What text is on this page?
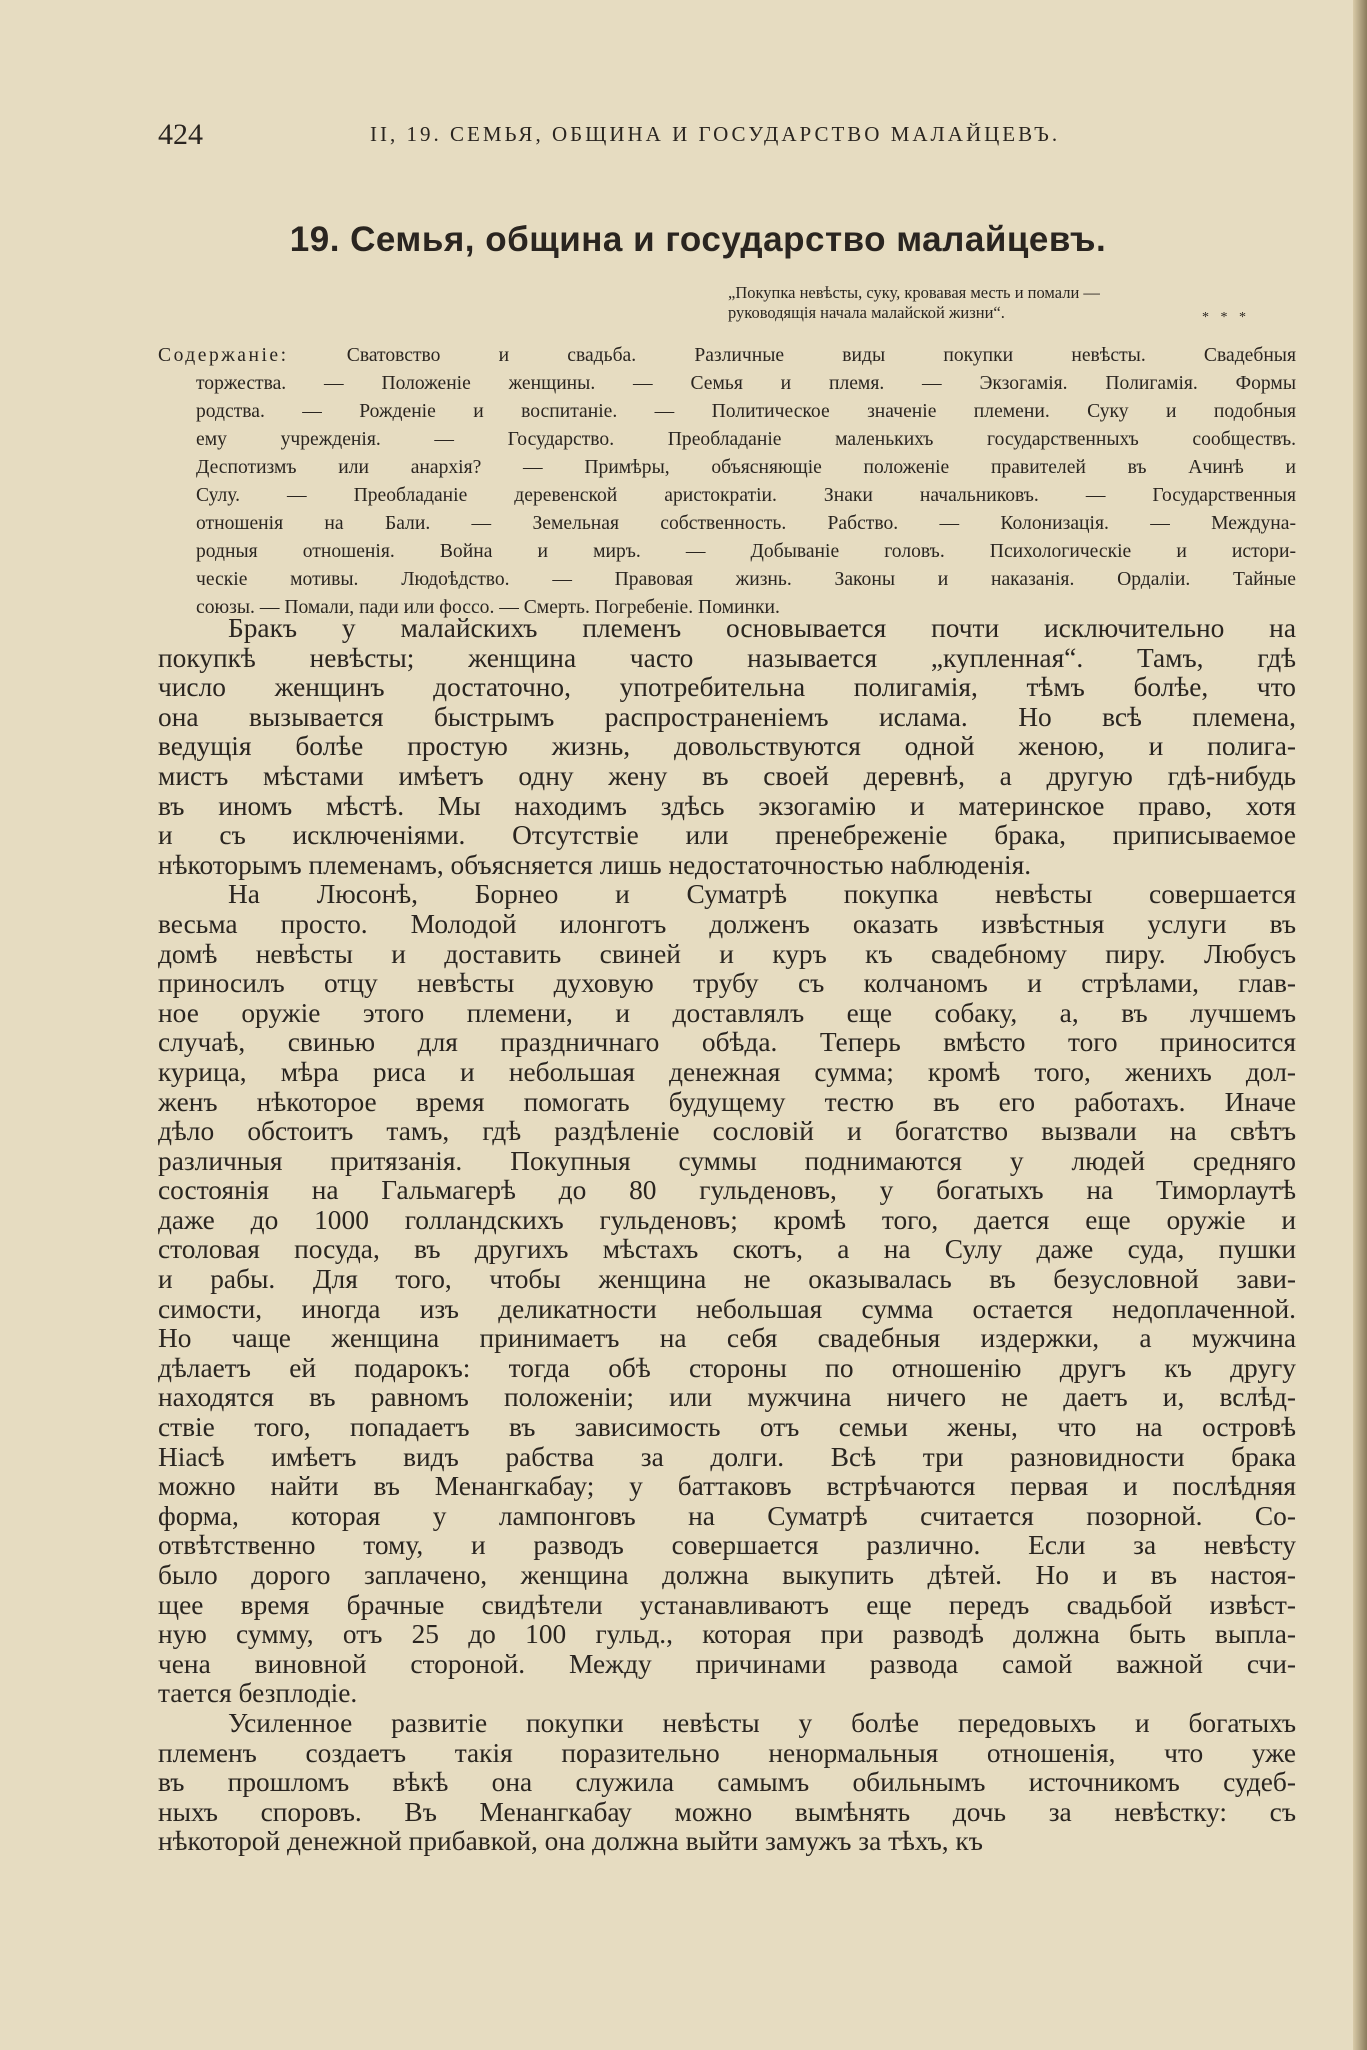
424	II, 19. СЕМЬЯ, ОБЩИНА И ГОСУДАРСТВО МАЛАЙЦЕВЪ.
19. Семья, община и государство малайцевъ.
„Покупка невѣсты, суку, кровавая месть и помали —
руководящія начала малайской жизни“.	* * *
Содержаніе:	Сватовство и свадьба. Различные виды покупки невѣсты. Свадебныя
торжества. — Положеніе женщины. — Семья и племя. — Экзогамія. Полигамія. Формы
родства. — Рожденіе и воспитаніе. — Политическое значеніе племени. Суку и подобныя
ему учрежденія. — Государство. Преобладаніе маленькихъ государственныхъ сообществъ.
Деспотизмъ или анархія? — Примѣры, объясняющіе положеніе правителей въ Ачинѣ и
Сулу. — Преобладаніе деревенской аристократіи. Знаки начальниковъ. — Государственныя
отношенія на Бали. — Земельная собственность. Рабство. — Колонизація. — Междуна-
родныя отношенія. Война и миръ. — Добываніе головъ. Психологическіе и истори-
ческіе мотивы. Людоѣдство. — Правовая жизнь. Законы и наказанія. Ордаліи. Тайные
союзы. — Помали, пади или фоссо. — Смерть. Погребеніе. Поминки.
Бракъ у малайскихъ племенъ основывается почти исключительно на
покупкѣ невѣсты; женщина часто называется „купленная“. Тамъ, гдѣ
число женщинъ достаточно, употребительна полигамія, тѣмъ болѣе, что
она вызывается быстрымъ распространеніемъ ислама. Но всѣ племена,
ведущія болѣе простую жизнь, довольствуются одной женою, и полига-
мистъ мѣстами имѣетъ одну жену въ своей деревнѣ, а другую гдѣ-нибудь
въ иномъ мѣстѣ. Мы находимъ здѣсь экзогамію и материнское право, хотя
и съ исключеніями. Отсутствіе или пренебреженіе брака, приписываемое
нѣкоторымъ племенамъ, объясняется лишь недостаточностью наблюденія.
На Люсонѣ, Борнео и Суматрѣ покупка невѣсты совершается
весьма просто. Молодой илонготъ долженъ оказать извѣстныя услуги въ
домѣ невѣсты и доставить свиней и куръ къ свадебному пиру. Любусъ
приносилъ отцу невѣсты духовую трубу съ колчаномъ и стрѣлами, глав-
ное оружіе этого племени, и доставлялъ еще собаку, а, въ лучшемъ
случаѣ, свинью для праздничнаго обѣда. Теперь вмѣсто того приносится
курица, мѣра риса и небольшая денежная сумма; кромѣ того, женихъ дол-
женъ нѣкоторое время помогать будущему тестю въ его работахъ. Иначе
дѣло обстоитъ тамъ, гдѣ раздѣленіе сословій и богатство вызвали на свѣтъ
различныя притязанія. Покупныя суммы поднимаются у людей средняго
состоянія на Гальмагерѣ до 80 гульденовъ, у богатыхъ на Тиморлаутѣ
даже до 1000 голландскихъ гульденовъ; кромѣ того, дается еще оружіе и
столовая посуда, въ другихъ мѣстахъ скотъ, а на Сулу даже суда, пушки
и рабы. Для того, чтобы женщина не оказывалась въ безусловной зави-
симости, иногда изъ деликатности небольшая сумма остается недоплаченной.
Но чаще женщина принимаетъ на себя свадебныя издержки, а мужчина
дѣлаетъ ей подарокъ: тогда обѣ стороны по отношенію другъ къ другу
находятся въ равномъ положеніи; или мужчина ничего не даетъ и, вслѣд-
ствіе того, попадаетъ въ зависимость отъ семьи жены, что на островѣ
Ніасѣ имѣетъ видъ рабства за долги. Всѣ три разновидности брака
можно найти въ Менангкабау; у баттаковъ встрѣчаются первая и послѣдняя
форма, которая у лампонговъ на Суматрѣ считается позорной. Со-
отвѣтственно тому, и разводъ совершается различно. Если за невѣсту
было дорого заплачено, женщина должна выкупить дѣтей. Но и въ настоя-
щее время брачные свидѣтели устанавливаютъ еще передъ свадьбой извѣст-
ную сумму, отъ 25 до 100 гульд., которая при разводѣ должна быть выпла-
чена виновной стороной. Между причинами развода самой важной счи-
тается безплодіе.
Усиленное развитіе покупки невѣсты у болѣе передовыхъ и богатыхъ
племенъ создаетъ такія поразительно ненормальныя отношенія, что уже
въ прошломъ вѣкѣ она служила самымъ обильнымъ источникомъ судеб-
ныхъ споровъ. Въ Менангкабау можно вымѣнять дочь за невѣстку: съ
нѣкоторой денежной прибавкой, она должна выйти замужъ за тѣхъ, къ
